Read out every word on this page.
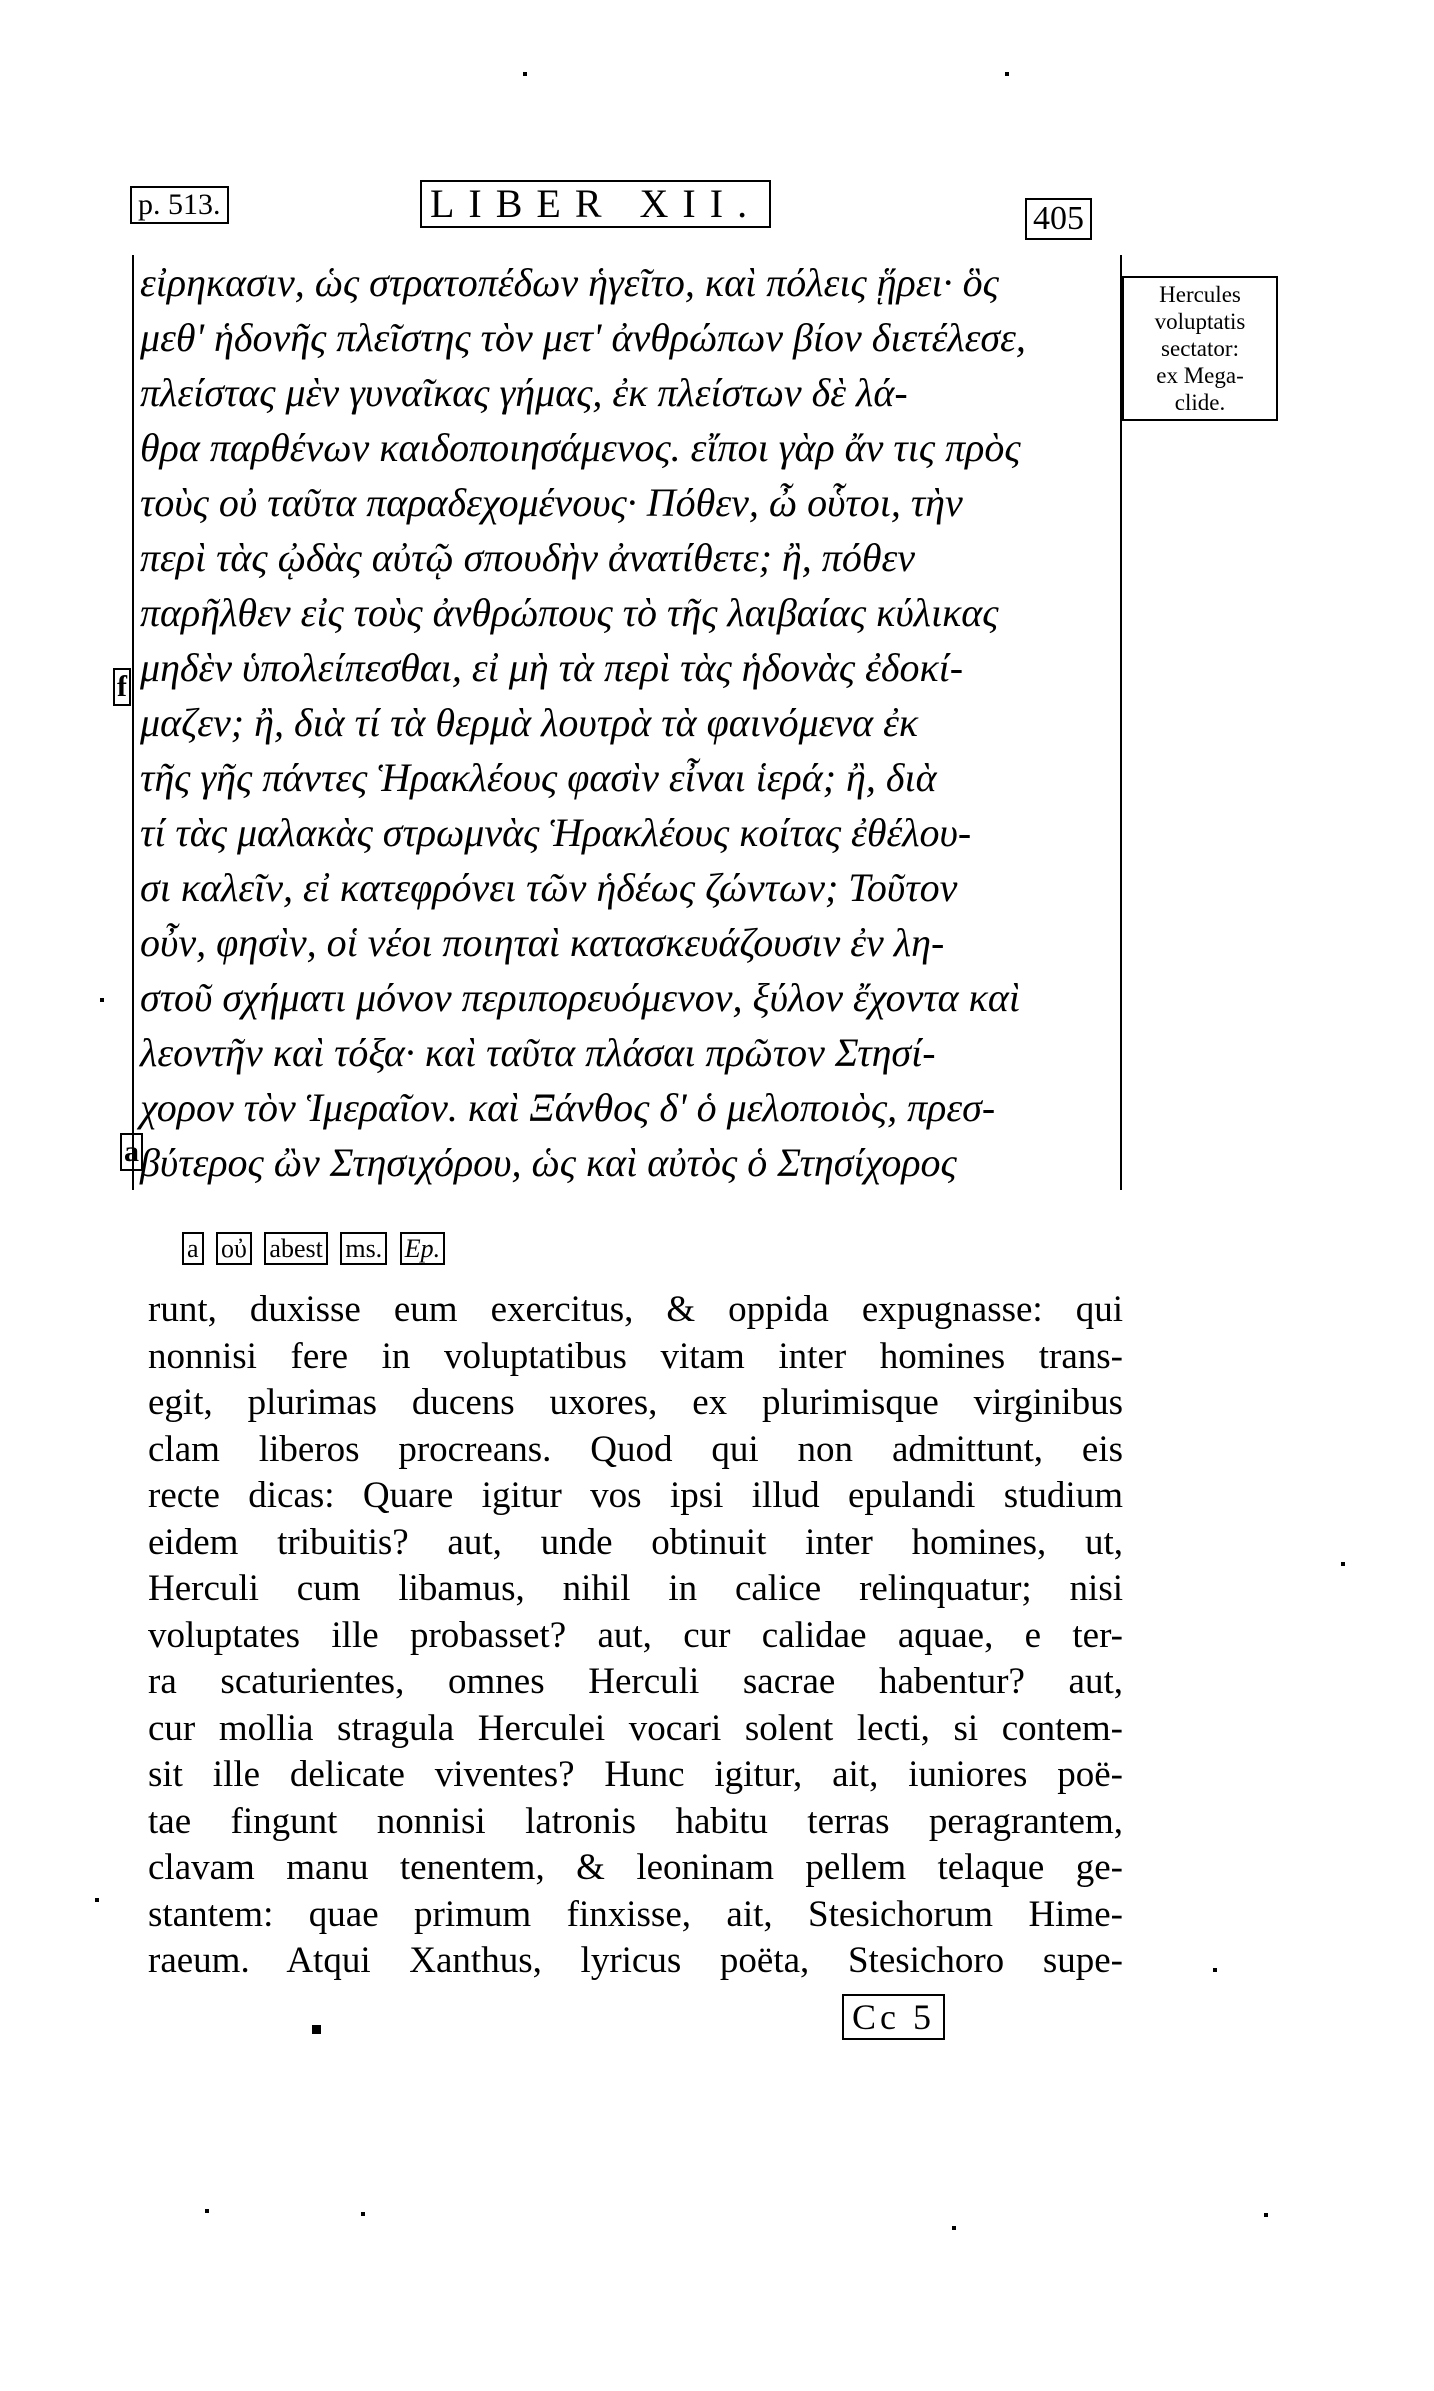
p. 513.	LIBER XII.	405
εἰρηκασιν, ὡς στρατοπέδων ἡγεῖτο, καὶ πόλεις ᾕρει· ὃς
μεθ' ἡδονῆς πλεῖστης τὸν μετ' ἀνθρώπων βίον διετέλεσε,
πλείστας μὲν γυναῖκας γήμας, ἐκ πλείστων δὲ λά-
θρα παρθένων καιδοποιησάμενος. εἴποι γὰρ ἄν τις πρὸς
τοὺς οὐ ταῦτα παραδεχομένους· Πόθεν, ὦ οὗτοι, τὴν
περὶ τὰς ᾠδὰς αὐτῷ σπουδὴν ἀνατίθετε; ἢ, πόθεν
παρῆλθεν εἰς τοὺς ἀνθρώπους τὸ τῆς λαιβαίας κύλικας
μηδὲν ὑπολείπεσθαι, εἰ μὴ τὰ περὶ τὰς ἡδονὰς ἐδοκί-
μαζεν; ἢ, διὰ τί τὰ θερμὰ λουτρὰ τὰ φαινόμενα ἐκ
τῆς γῆς πάντες Ἡρακλέους φασὶν εἶναι ἱερά; ἢ, διὰ
τί τὰς μαλακὰς στρωμνὰς Ἡρακλέους κοίτας ἐθέλου-
σι καλεῖν, εἰ κατεφρόνει τῶν ἡδέως ζώντων; Τοῦτον
οὖν, φησὶν, οἱ νέοι ποιηταὶ κατασκευάζουσιν ἐν λη-
στοῦ σχήματι μόνον περιπορευόμενον, ξύλον ἔχοντα καὶ
λεοντῆν καὶ τόξα· καὶ ταῦτα πλάσαι πρῶτον Στησί-
χορον τὸν Ἱμεραῖον. καὶ Ξάνθος δ' ὁ μελοποιὸς, πρεσ-
βύτερος ὢν Στησιχόρου, ὡς καὶ αὐτὸς ὁ Στησίχορος
Hercules
voluptatis
sectator:
ex Mega-
clide.
f
a
a οὐ abest ms. Ep.
runt, duxisse eum exercitus, & oppida expugnasse: qui
nonnisi fere in voluptatibus vitam inter homines trans-
egit, plurimas ducens uxores, ex plurimisque virginibus
clam liberos procreans. Quod qui non admittunt, eis
recte dicas: Quare igitur vos ipsi illud epulandi studium
eidem tribuitis? aut, unde obtinuit inter homines, ut,
Herculi cum libamus, nihil in calice relinquatur; nisi
voluptates ille probasset? aut, cur calidae aquae, e ter-
ra scaturientes, omnes Herculi sacrae habentur? aut,
cur mollia stragula Herculei vocari solent lecti, si contem-
sit ille delicate viventes? Hunc igitur, ait, iuniores poë-
tae fingunt nonnisi latronis habitu terras peragrantem,
clavam manu tenentem, & leoninam pellem telaque ge-
stantem: quae primum finxisse, ait, Stesichorum Hime-
raeum. Atqui Xanthus, lyricus poëta, Stesichoro supe-
Cc 5
